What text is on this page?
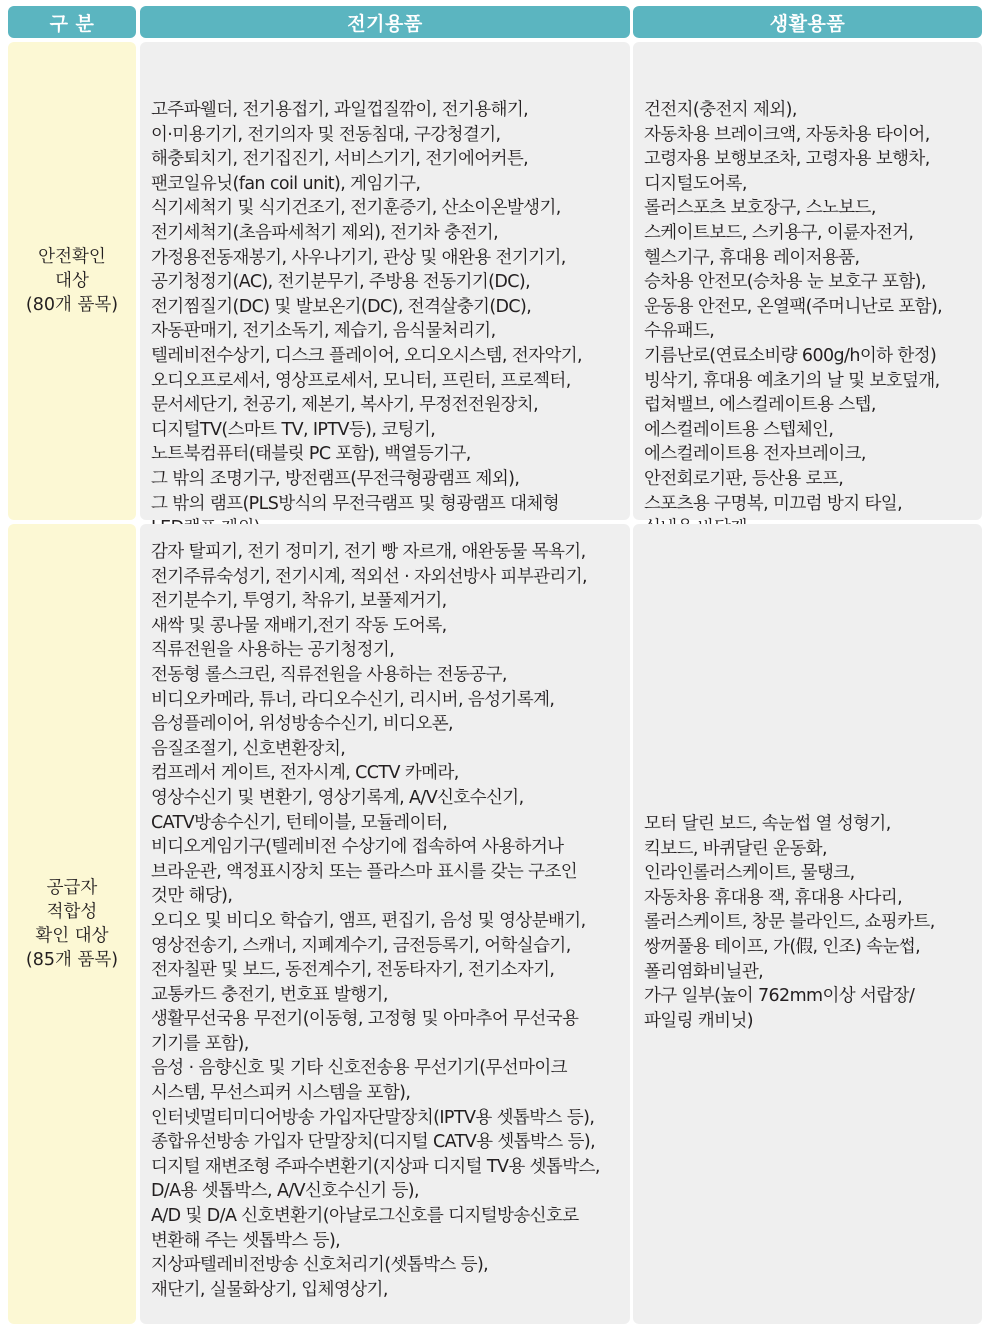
구 분	전기용품	생활용품
안전확인
대상
(80개 품목)
고주파웰더, 전기용접기, 과일껍질깎이, 전기용해기,
이·미용기기, 전기의자 및 전동침대, 구강청결기,
해충퇴치기, 전기집진기, 서비스기기, 전기에어커튼,
팬코일유닛(fan coil unit), 게임기구,
식기세척기 및 식기건조기, 전기훈증기, 산소이온발생기,
전기세척기(초음파세척기 제외), 전기차 충전기,
가정용전동재봉기, 사우나기기, 관상 및 애완용 전기기기,
공기청정기(AC), 전기분무기, 주방용 전동기기(DC),
전기찜질기(DC) 및 발보온기(DC), 전격살충기(DC),
자동판매기, 전기소독기, 제습기, 음식물처리기,
텔레비전수상기, 디스크 플레이어, 오디오시스템, 전자악기,
오디오프로세서, 영상프로세서, 모니터, 프린터, 프로젝터,
문서세단기, 천공기, 제본기, 복사기, 무정전전원장치,
디지털TV(스마트 TV, IPTV등), 코팅기,
노트북컴퓨터(태블릿 PC 포함), 백열등기구,
그 밖의 조명기구, 방전램프(무전극형광램프 제외),
그 밖의 램프(PLS방식의 무전극램프 및 형광램프 대체형
건전지(충전지 제외),
자동차용 브레이크액, 자동차용 타이어,
고령자용 보행보조차, 고령자용 보행차,
디지털도어록,
롤러스포츠 보호장구, 스노보드,
스케이트보드, 스키용구, 이륜자전거,
헬스기구, 휴대용 레이저용품,
승차용 안전모(승차용 눈 보호구 포함),
운동용 안전모, 온열팩(주머니난로 포함),
수유패드,
기름난로(연료소비량 600g/h이하 한정)
빙삭기, 휴대용 예초기의 날 및 보호덮개,
럽쳐밸브, 에스컬레이트용 스텝,
에스컬레이트용 스텝체인,
에스컬레이트용 전자브레이크,
안전회로기판, 등산용 로프,
스포츠용 구명복, 미끄럼 방지 타일,
공급자
적합성
확인 대상
(85개 품목)
감자 탈피기, 전기 정미기, 전기 빵 자르개, 애완동물 목욕기,
전기주류숙성기, 전기시계, 적외선 · 자외선방사 피부관리기,
전기분수기, 투영기, 착유기, 보풀제거기,
새싹 및 콩나물 재배기,전기 작동 도어록,
직류전원을 사용하는 공기청정기,
전동형 롤스크린, 직류전원을 사용하는 전동공구,
비디오카메라, 튜너, 라디오수신기, 리시버, 음성기록계,
음성플레이어, 위성방송수신기, 비디오폰,
음질조절기, 신호변환장치,
컴프레서 게이트, 전자시계, CCTV 카메라,
영상수신기 및 변환기, 영상기록계, A/V신호수신기,
CATV방송수신기, 턴테이블, 모듈레이터,
비디오게임기구(텔레비전 수상기에 접속하여 사용하거나
브라운관, 액정표시장치 또는 플라스마 표시를 갖는 구조인
것만 해당),
오디오 및 비디오 학습기, 앰프, 편집기, 음성 및 영상분배기,
영상전송기, 스캐너, 지폐계수기, 금전등록기, 어학실습기,
전자칠판 및 보드, 동전계수기, 전동타자기, 전기소자기,
교통카드 충전기, 번호표 발행기,
생활무선국용 무전기(이동형, 고정형 및 아마추어 무선국용
기기를 포함),
음성 · 음향신호 및 기타 신호전송용 무선기기(무선마이크
시스템, 무선스피커 시스템을 포함),
인터넷멀티미디어방송 가입자단말장치(IPTV용 셋톱박스 등),
종합유선방송 가입자 단말장치(디지털 CATV용 셋톱박스 등),
디지털 재변조형 주파수변환기(지상파 디지털 TV용 셋톱박스,
D/A용 셋톱박스, A/V신호수신기 등),
A/D 및 D/A 신호변환기(아날로그신호를 디지털방송신호로
변환해 주는 셋톱박스 등),
지상파텔레비전방송 신호처리기(셋톱박스 등),
재단기, 실물화상기, 입체영상기,
모터 달린 보드, 속눈썹 열 성형기,
킥보드, 바퀴달린 운동화,
인라인롤러스케이트, 물탱크,
자동차용 휴대용 잭, 휴대용 사다리,
롤러스케이트, 창문 블라인드, 쇼핑카트,
쌍꺼풀용 테이프, 가(假, 인조) 속눈썹,
폴리염화비닐관,
가구 일부(높이 762mm이상 서랍장/
파일링 캐비닛)
